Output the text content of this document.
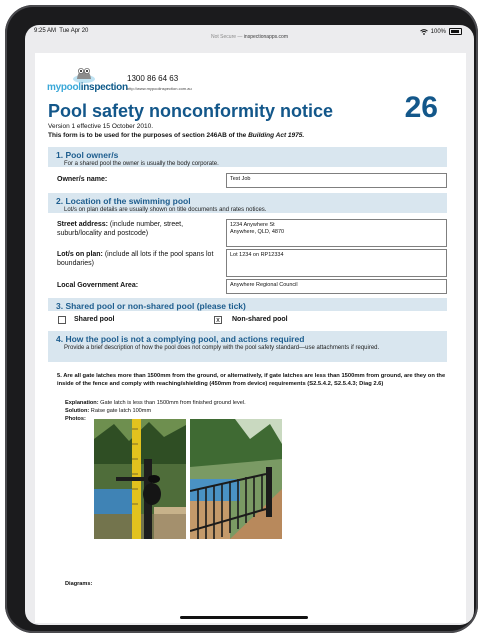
9:25 AM Tue Apr 20	100%
Not Secure — inspectionapps.com
mypoolinspection
1300 86 64 63
http://www.mypoolinspection.com.au
Pool safety nonconformity notice 26
Version 1 effective 15 October 2010.
This form is to be used for the purposes of section 246AB of the Building Act 1975.
1. Pool owner/s

For a shared pool the owner is usually the body corporate.

Owner/s name:	Test Job
2. Location of the swimming pool

Lot/s on plan details are usually shown on title documents and rates notices.

Street address: (include number, street, suburb/locality and postcode)
1234 Anywhere St
Anywhere, QLD, 4870
Lot/s on plan: (include all lots if the pool spans lot boundaries)
Lot 1234 on RP12334
Local Government Area:	Anywhere Regional Council
3. Shared pool or non-shared pool (please tick)
Shared pool	x	Non-shared pool
4. How the pool is not a complying pool, and actions required

Provide a brief description of how the pool does not comply with the pool safety standard—use attachments if required.

5. Are all gate latches more than 1500mm from the ground, or alternatively, if gate latches are less than 1500mm from ground, are they on the inside of the fence and comply with reaching/shielding (450mm from device) requirements (S2.5.4.2, S2.5.4.3; Diag 2.6)
Explanation: Gate latch is less than 1500mm from finished ground level.
Solution: Raise gate latch 100mm
Photos:
Diagrams:
